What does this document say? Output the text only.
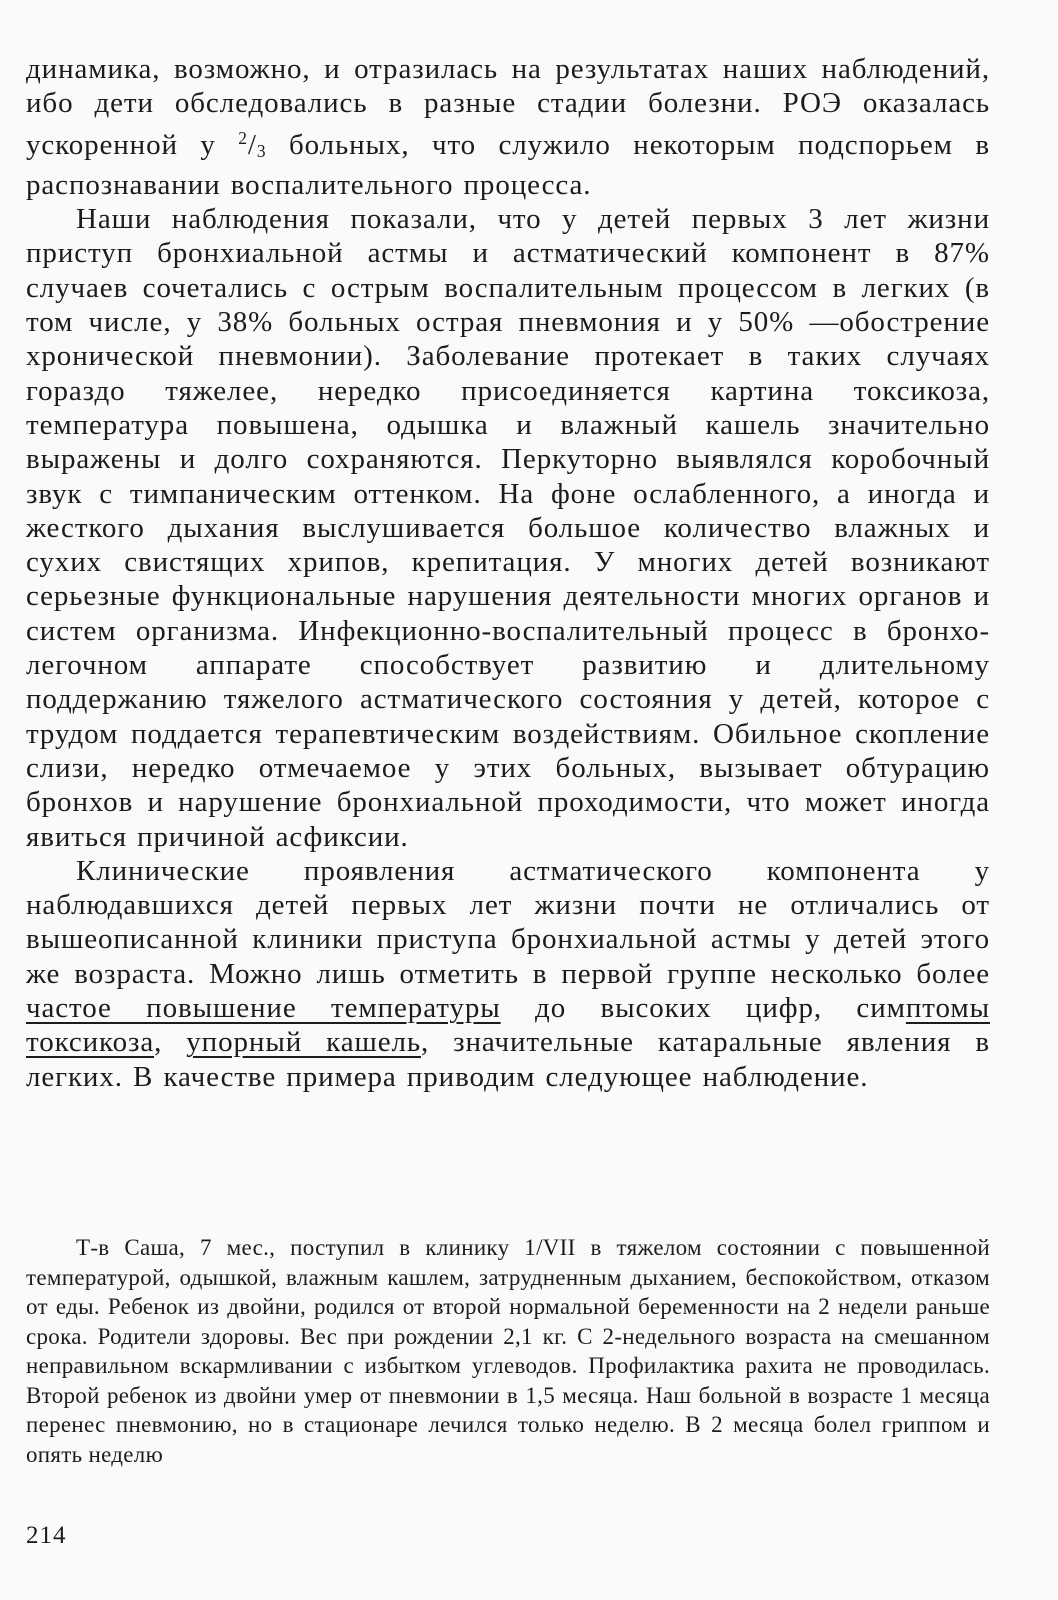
динамика, возможно, и отразилась на результатах наших наблюдений, ибо дети обследовались в разные стадии болезни. РОЭ оказалась ускоренной у $^2/_3$ больных, что служило некоторым подспорьем в распознавании воспалительного процесса.

Наши наблюдения показали, что у детей первых 3 лет жизни приступ бронхиальной астмы и астматический компонент в 87% случаев сочетались с острым воспалительным процессом в легких (в том числе, у 38% больных острая пневмония и у 50% —обострение хронической пневмонии). Заболевание протекает в таких случаях гораздо тяжелее, нередко присоединяется картина токсикоза, температура повышена, одышка и влажный кашель значительно выражены и долго сохраняются. Перкуторно выявлялся коробочный звук с тимпаническим оттенком. На фоне ослабленного, а иногда и жесткого дыхания выслушивается большое количество влажных и сухих свистящих хрипов, крепитация. У многих детей возникают серьезные функциональные нарушения деятельности многих органов и систем организма. Инфекционно-воспалительный процесс в бронхо-легочном аппарате способствует развитию и длительному поддержанию тяжелого астматического состояния у детей, которое с трудом поддается терапевтическим воздействиям. Обильное скопление слизи, нередко отмечаемое у этих больных, вызывает обтурацию бронхов и нарушение бронхиальной проходимости, что может иногда явиться причиной асфиксии.

Клинические проявления астматического компонента у наблюдавшихся детей первых лет жизни почти не отличались от вышеописанной клиники приступа бронхиальной астмы у детей этого же возраста. Можно лишь отметить в первой группе несколько более частое повышение температуры до высоких цифр, симптомы токсикоза, упорный кашель, значительные катаральные явления в легких. В качестве примера приводим следующее наблюдение.

Т-в Саша, 7 мес., поступил в клинику 1/VII в тяжелом состоянии с повышенной температурой, одышкой, влажным кашлем, затрудненным дыханием, беспокойством, отказом от еды. Ребенок из двойни, родился от второй нормальной беременности на 2 недели раньше срока. Родители здоровы. Вес при рождении 2,1 кг. С 2-недельного возраста на смешанном неправильном вскармливании с избытком углеводов. Профилактика рахита не проводилась. Второй ребенок из двойни умер от пневмонии в 1,5 месяца. Наш больной в возрасте 1 месяца перенес пневмонию, но в стационаре лечился только неделю. В 2 месяца болел гриппом и опять неделю

214
